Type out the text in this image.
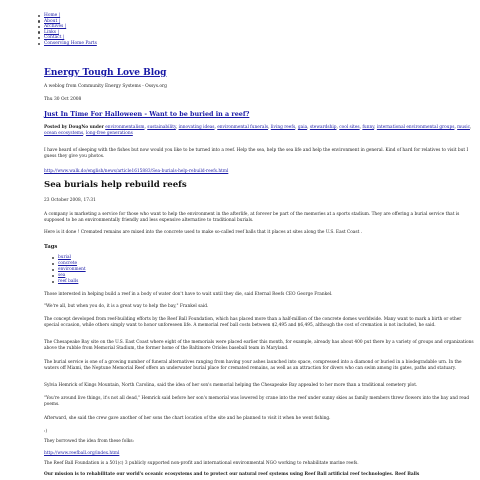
Home |
About |
Archives |
Links |
Contact |
Conserving Home Parts
Energy Tough Love Blog
A weblog from Community Energy Systems - Ossys.org
Thu 30 Oct 2008
Just In Time For Halloween - Want to be buried in a reef?
Posted by DougNo under environmentalism, sustainability, innovating ideas, environmental funerals, living reefs, gaia, stewardship, cool sites, funny, international environmental groups, music, ocean ecosystems, long-free generations
I have heard of sleeping with the fishes but now would you like to be turned into a reef. Help the sea, help the sea life and help the environment in general. Kind of hard for relatives to visit but I guess they give you photos.
http://www.walk.do/english/news/article1615883/Sea-burials-help-rebuild-reefs.html
Sea burials help rebuild reefs
23 October 2008, 17:31
A company is marketing a service for those who want to help the environment in the afterlife, at forever be part of the memories at a sports stadium. They are offering a burial service that is supposed to be an environmentally friendly and less expensive alternative to traditional burials.
Here is it done ! Cremated remains are mixed into the concrete used to make so-called reef balls that it places at sites along the U.S. East Coast .
Tags
burial
concrete
environment
sea
reef balls
Those interested in helping build a reef in a body of water don't have to wait until they die, said Eternal Reefs CEO George Frankel.
"We're all, but when you do, it is a great way to help the bay," Frankel said.
The concept developed from reef-building efforts by the Reef Ball Foundation, which has placed more than a half-million of the concrete domes worldwide. Many want to mark a birth or other special occasion, while others simply want to honor unforeseen life. A memorial reef ball costs between $2,495 and $6,495, although the cost of cremation is not included, he said.
The Chesapeake Bay site on the U.S. East Coast where eight of the memorials were placed earlier this month, for example, already has about 400 put there by a variety of groups and organizations above the rubble from Memorial Stadium, the former home of the Baltimore Orioles baseball team in Maryland.
The burial service is one of a growing number of funeral alternatives ranging from having your ashes launched into space, compressed into a diamond or buried in a biodegradable urn. In the waters off Miami, the Neptune Memorial Reef offers an underwater burial place for cremated remains, as well as an attraction for divers who can swim among its gates, paths and statuary.
Sylvia Hemrick of Kings Mountain, North Carolina, said the idea of her son's memorial helping the Chesapeake Bay appealed to her more than a traditional cemetery plot.
"You're around live things, it's not all dead," Hemrick said before her son's memorial was lowered by crane into the reef under sunny skies as family members threw flowers into the bay and read poems.
Afterward, she said the crew gave another of her sons the chart location of the site and he planned to visit it when he went fishing.
:)
They borrowed the idea from these folks:
http://www.reefball.org/index.html
The Reef Ball Foundation is a 501(c) 3 publicly supported non-profit and international environmental NGO working to rehabilitate marine reefs.
Our mission is to rehabilitate our world's oceanic ecosystems and to protect our natural reef systems using Reef Ball artificial reef technologies. Reef Balls
